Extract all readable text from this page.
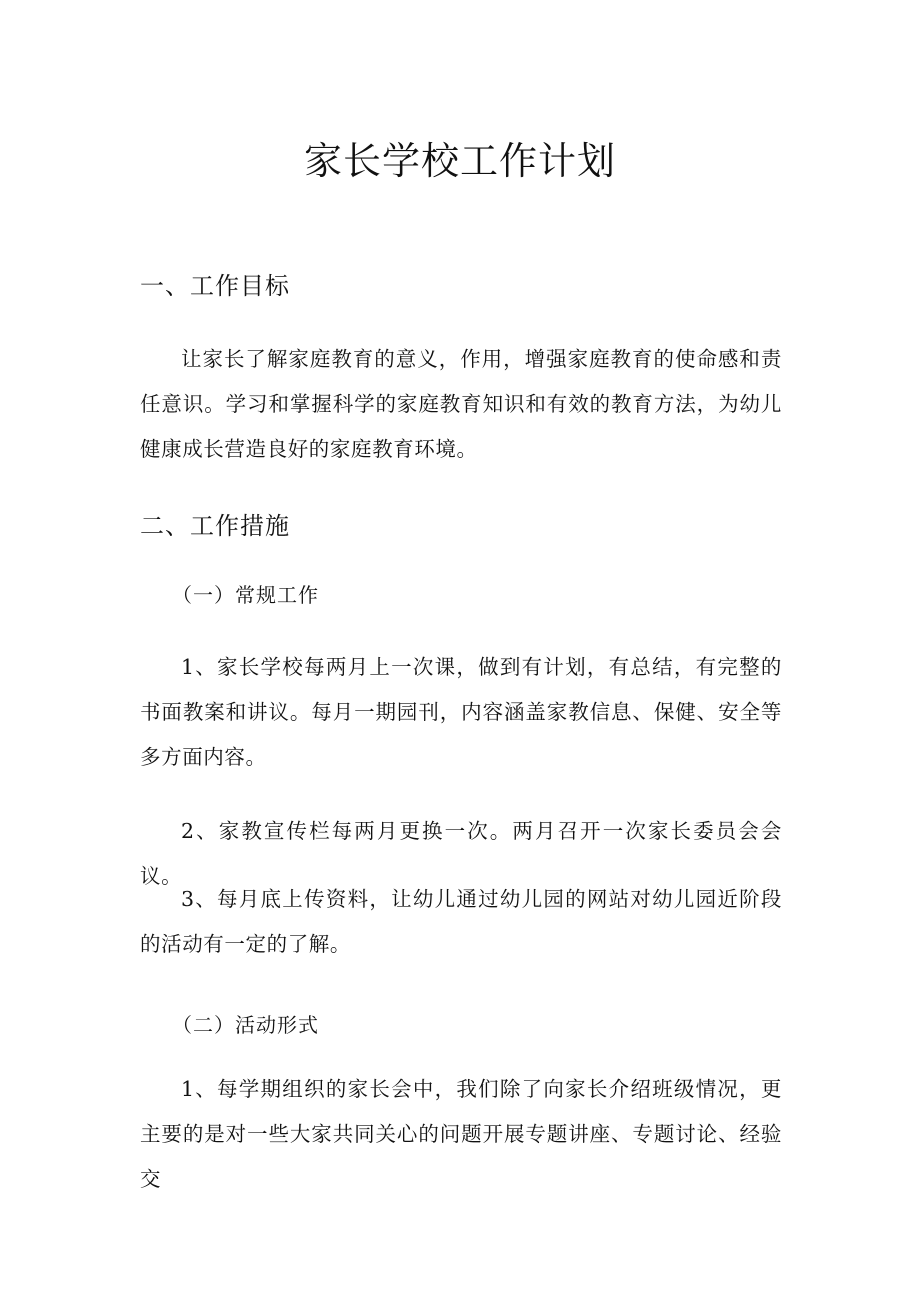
家长学校工作计划
一、工作目标

让家长了解家庭教育的意义，作用，增强家庭教育的使命感和责任意识。学习和掌握科学的家庭教育知识和有效的教育方法，为幼儿健康成长营造良好的家庭教育环境。

二、工作措施
（一）常规工作

1、家长学校每两月上一次课，做到有计划，有总结，有完整的书面教案和讲议。每月一期园刊，内容涵盖家教信息、保健、安全等多方面内容。

2、家教宣传栏每两月更换一次。两月召开一次家长委员会会议。

3、每月底上传资料，让幼儿通过幼儿园的网站对幼儿园近阶段的活动有一定的了解。

（二）活动形式

1、每学期组织的家长会中，我们除了向家长介绍班级情况，更主要的是对一些大家共同关心的问题开展专题讲座、专题讨论、经验交
